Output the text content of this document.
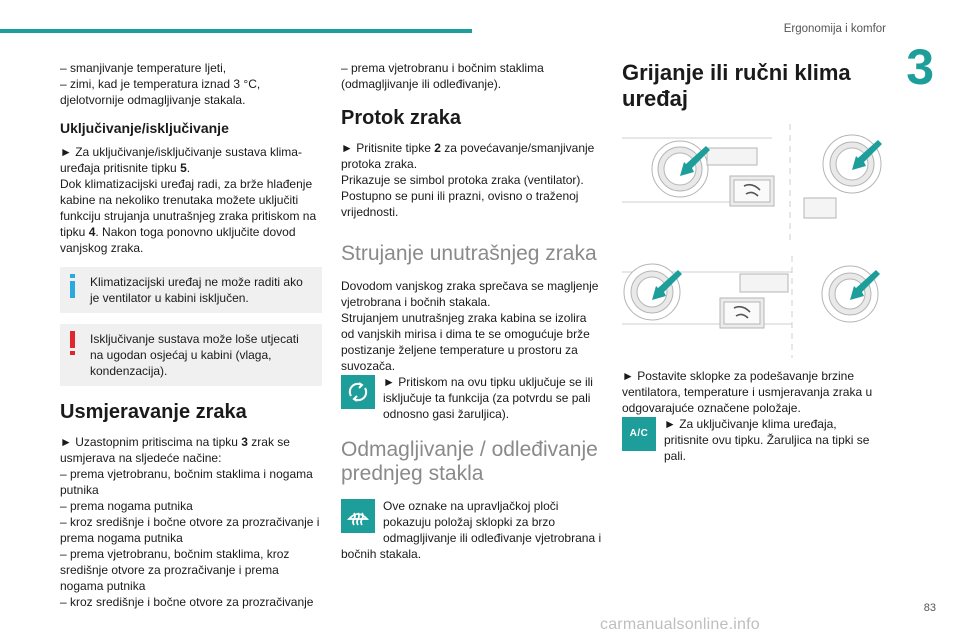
Ergonomija i komfor
3
– smanjivanje temperature ljeti,
– zimi, kad je temperatura iznad 3 °C,
djelotvornije odmagljivanje stakala.
Uključivanje/isključivanje

► Za uključivanje/isključivanje sustava klima-uređaja pritisnite tipku 5.

Dok klimatizacijski uređaj radi, za brže hlađenje kabine na nekoliko trenutaka možete uključiti funkciju strujanja unutrašnjeg zraka pritiskom na tipku 4. Nakon toga ponovno uključite dovod vanjskog zraka.

Klimatizacijski uređaj ne može raditi ako je ventilator u kabini isključen.
Isključivanje sustava može loše utjecati na ugodan osjećaj u kabini (vlaga, kondenzacija).
Usmjeravanje zraka

► Uzastopnim pritiscima na tipku 3 zrak se usmjerava na sljedeće načine:

– prema vjetrobranu, bočnim staklima i nogama putnika
– prema nogama putnika
– kroz središnje i bočne otvore za prozračivanje i prema nogama putnika
– prema vjetrobranu, bočnim staklima, kroz središnje otvore za prozračivanje i prema nogama putnika
– kroz središnje i bočne otvore za prozračivanje

– prema vjetrobranu i bočnim staklima (odmagljivanje ili odleđivanje).

Protok zraka

► Pritisnite tipke 2 za povećavanje/smanjivanje protoka zraka.

Prikazuje se simbol protoka zraka (ventilator).

Postupno se puni ili prazni, ovisno o traženoj vrijednosti.

Strujanje unutrašnjeg zraka

Dovodom vanjskog zraka sprečava se magljenje vjetrobrana i bočnih stakala.

Strujanjem unutrašnjeg zraka kabina se izolira od vanjskih mirisa i dima te se omogućuje brže postizanje željene temperature u prostoru za suvozača.

► Pritiskom na ovu tipku uključuje se ili isključuje ta funkcija (za potvrdu se pali odnosno gasi žaruljica).

Odmagljivanje / odleđivanje prednjeg stakla

Ove oznake na upravljačkoj ploči pokazuju položaj sklopki za brzo odmagljivanje ili odleđivanje vjetrobrana i bočnih stakala.

Grijanje ili ručni klima uređaj

► Postavite sklopke za podešavanje brzine ventilatora, temperature i usmjeravanja zraka u odgovarajuće označene položaje.

A/C

► Za uključivanje klima uređaja, pritisnite ovu tipku. Žaruljica na tipki se pali.

83
carmanualsonline.info
